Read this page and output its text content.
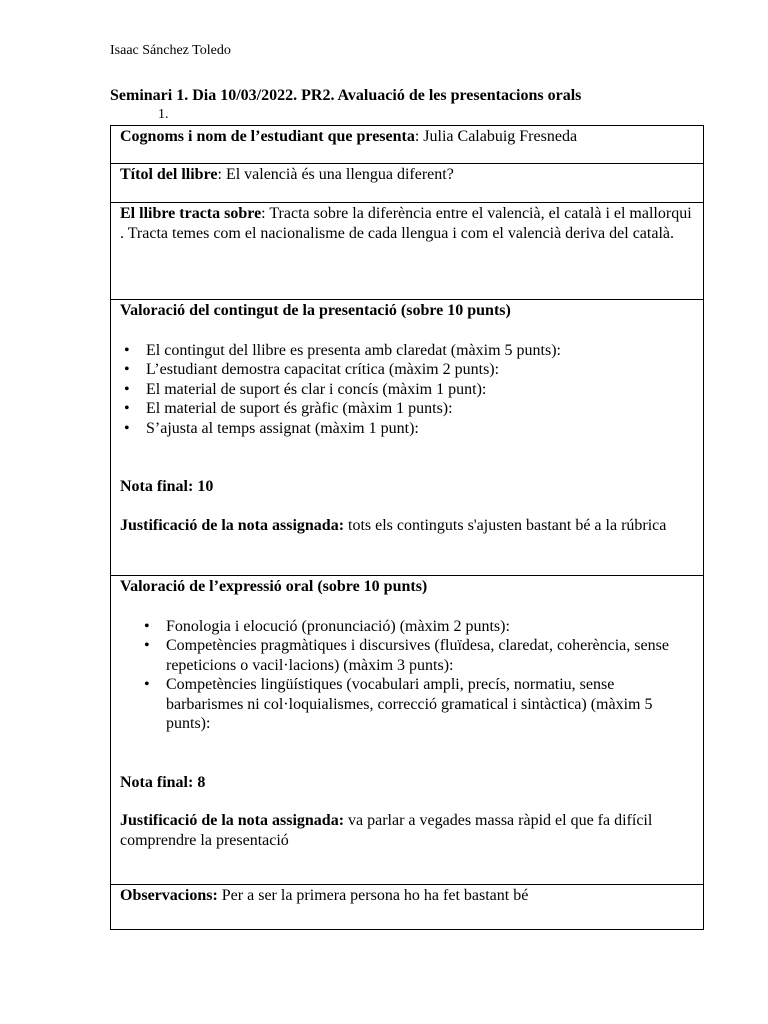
Isaac Sánchez Toledo
Seminari 1. Dia 10/03/2022. PR2. Avaluació de les presentacions orals
1.
Cognoms i nom de l’estudiant que presenta: Julia Calabuig Fresneda
Títol del llibre: El valencià és una llengua diferent?
El llibre tracta sobre: Tracta sobre la diferència entre el valencià, el català i el mallorqui . Tracta temes com el nacionalisme de cada llengua i com el valencià deriva del català.

Valoració del contingut de la presentació (sobre 10 punts)
• El contingut del llibre es presenta amb claredat (màxim 5 punts):
• L’estudiant demostra capacitat crítica (màxim 2 punts):
• El material de suport és clar i concís (màxim 1 punt):
• El material de suport és gràfic (màxim 1 punts):
• S’ajusta al temps assignat (màxim 1 punt):

Nota final: 10

Justificació de la nota assignada: tots els continguts s'ajusten bastant bé a la rúbrica

Valoració de l’expressió oral (sobre 10 punts)
• Fonologia i elocució (pronunciació) (màxim 2 punts):
• Competències pragmàtiques i discursives (fluïdesa, claredat, coherència, sense repeticions o vacil·lacions) (màxim 3 punts):
• Competències lingüístiques (vocabulari ampli, precís, normatiu, sense barbarismes ni col·loquialismes, correcció gramatical i sintàctica) (màxim 5 punts):

Nota final: 8

Justificació de la nota assignada: va parlar a vegades massa ràpid el que fa difícil comprendre la presentació

Observacions: Per a ser la primera persona ho ha fet bastant bé
